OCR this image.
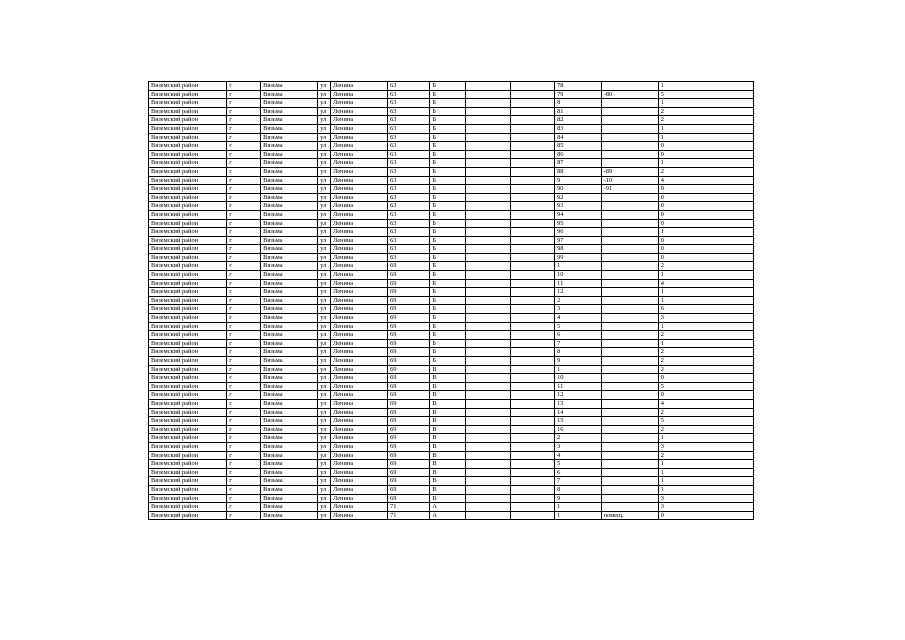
Вяземский район	г	Вязьма	ул	Ленина	63	Б			78		1
Вяземский район	г	Вязьма	ул	Ленина	63	Б			79	-80	5
Вяземский район	г	Вязьма	ул	Ленина	63	Б			8		1
Вяземский район	г	Вязьма	ул	Ленина	63	Б			81		2
Вяземский район	г	Вязьма	ул	Ленина	63	Б			82		2
Вяземский район	г	Вязьма	ул	Ленина	63	Б			83		1
Вяземский район	г	Вязьма	ул	Ленина	63	Б			84		1
Вяземский район	г	Вязьма	ул	Ленина	63	Б			85		0
Вяземский район	г	Вязьма	ул	Ленина	63	Б			86		0
Вяземский район	г	Вязьма	ул	Ленина	63	Б			87		1
Вяземский район	г	Вязьма	ул	Ленина	63	Б			88	-89	2
Вяземский район	г	Вязьма	ул	Ленина	63	Б			9	-10	4
Вяземский район	г	Вязьма	ул	Ленина	63	Б			90	-91	0
Вяземский район	г	Вязьма	ул	Ленина	63	Б			92		0
Вяземский район	г	Вязьма	ул	Ленина	63	Б			93		0
Вяземский район	г	Вязьма	ул	Ленина	63	Б			94		0
Вяземский район	г	Вязьма	ул	Ленина	63	Б			95		0
Вяземский район	г	Вязьма	ул	Ленина	63	Б			96		1
Вяземский район	г	Вязьма	ул	Ленина	63	Б			97		0
Вяземский район	г	Вязьма	ул	Ленина	63	Б			98		0
Вяземский район	г	Вязьма	ул	Ленина	63	Б			99		0
Вяземский район	г	Вязьма	ул	Ленина	69	Б			1		2
Вяземский район	г	Вязьма	ул	Ленина	69	Б			10		1
Вяземский район	г	Вязьма	ул	Ленина	69	Б			11		4
Вяземский район	г	Вязьма	ул	Ленина	69	Б			12		1
Вяземский район	г	Вязьма	ул	Ленина	69	Б			2		1
Вяземский район	г	Вязьма	ул	Ленина	69	Б			3		6
Вяземский район	г	Вязьма	ул	Ленина	69	Б			4		3
Вяземский район	г	Вязьма	ул	Ленина	69	Б			5		1
Вяземский район	г	Вязьма	ул	Ленина	69	Б			6		2
Вяземский район	г	Вязьма	ул	Ленина	69	Б			7		1
Вяземский район	г	Вязьма	ул	Ленина	69	Б			8		2
Вяземский район	г	Вязьма	ул	Ленина	69	Б			9		2
Вяземский район	г	Вязьма	ул	Ленина	69	В			1		2
Вяземский район	г	Вязьма	ул	Ленина	69	В			10		0
Вяземский район	г	Вязьма	ул	Ленина	69	В			11		5
Вяземский район	г	Вязьма	ул	Ленина	69	В			12		0
Вяземский район	г	Вязьма	ул	Ленина	69	В			13		4
Вяземский район	г	Вязьма	ул	Ленина	69	В			14		2
Вяземский район	г	Вязьма	ул	Ленина	69	В			15		5
Вяземский район	г	Вязьма	ул	Ленина	69	В			16		2
Вяземский район	г	Вязьма	ул	Ленина	69	В			2		1
Вяземский район	г	Вязьма	ул	Ленина	69	В			3		3
Вяземский район	г	Вязьма	ул	Ленина	69	В			4		2
Вяземский район	г	Вязьма	ул	Ленина	69	В			5		1
Вяземский район	г	Вязьма	ул	Ленина	69	В			6		1
Вяземский район	г	Вязьма	ул	Ленина	69	В			7		1
Вяземский район	г	Вязьма	ул	Ленина	69	В			8		1
Вяземский район	г	Вязьма	ул	Ленина	69	В			9		3
Вяземский район	г	Вязьма	ул	Ленина	71	А			1		3
Вяземский район	г	Вязьма	ул	Ленина	71	А			1	помещ.	0
